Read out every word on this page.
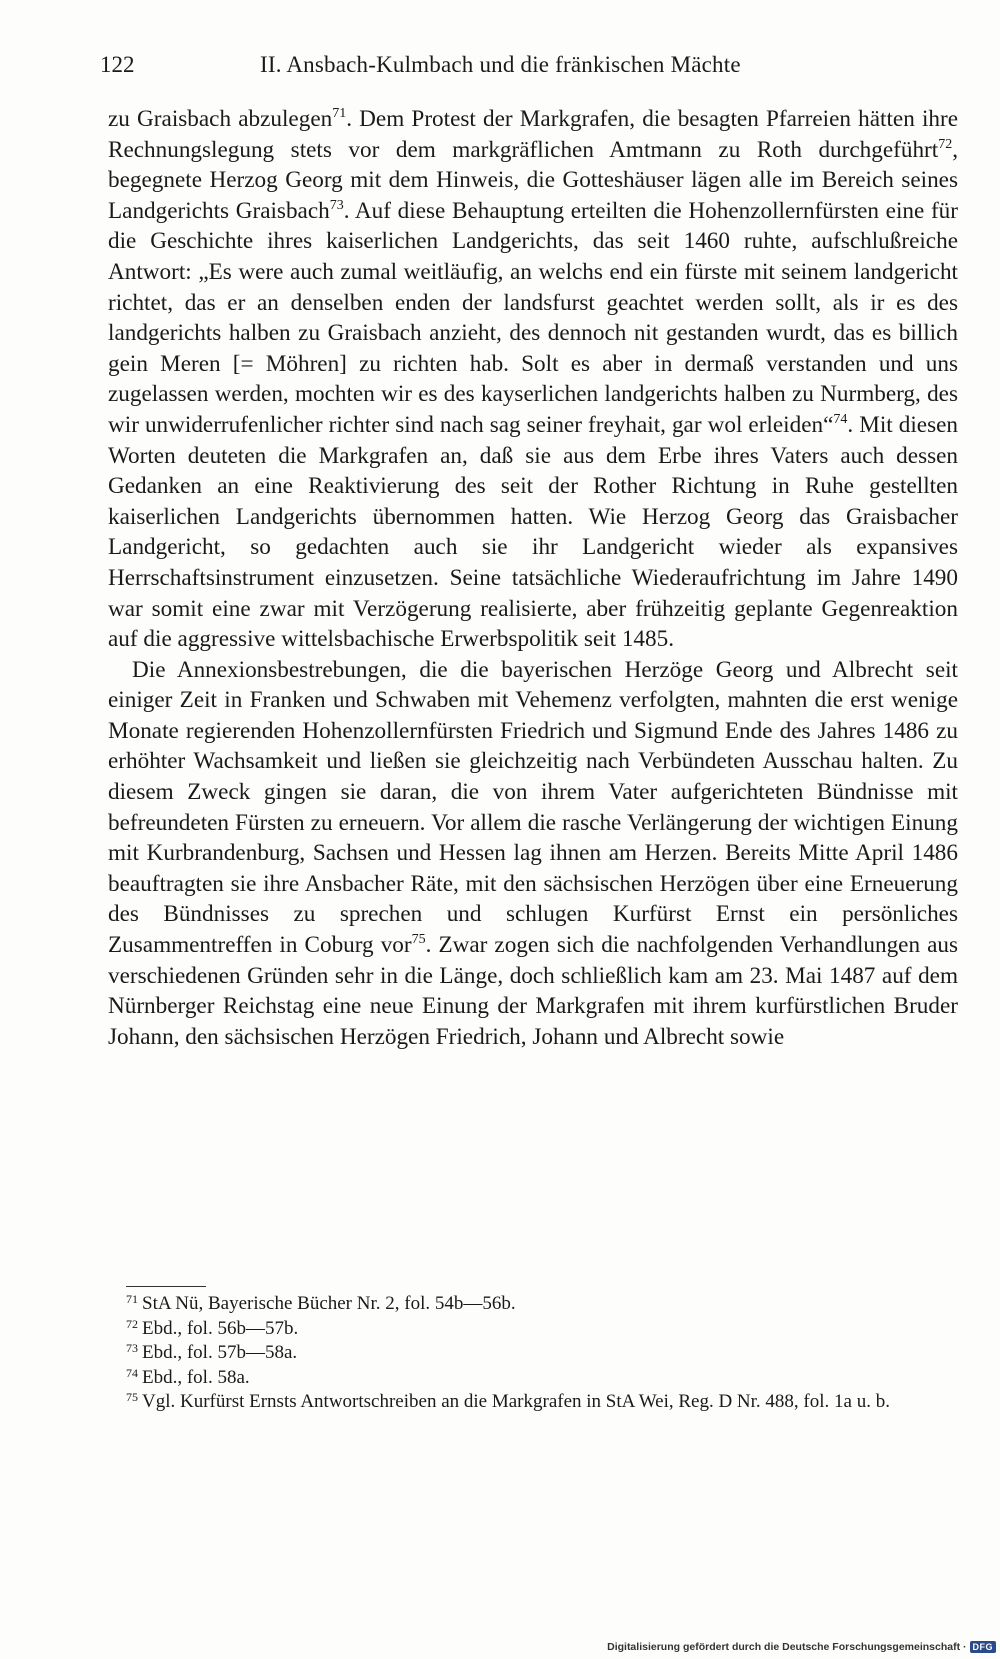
122	II. Ansbach-Kulmbach und die fränkischen Mächte

zu Graisbach abzulegen$^{71}$. Dem Protest der Markgrafen, die besagten Pfarreien hätten ihre Rechnungslegung stets vor dem markgräflichen Amtmann zu Roth durchgeführt$^{72}$, begegnete Herzog Georg mit dem Hinweis, die Gotteshäuser lägen alle im Bereich seines Landgerichts Graisbach$^{73}$. Auf diese Behauptung erteilten die Hohenzollernfürsten eine für die Geschichte ihres kaiserlichen Landgerichts, das seit 1460 ruhte, aufschlußreiche Antwort: „Es were auch zumal weitläufig, an welchs end ein fürste mit seinem landgericht richtet, das er an denselben enden der landsfurst geachtet werden sollt, als ir es des landgerichts halben zu Graisbach anzieht, des dennoch nit gestanden wurdt, das es billich gein Meren [= Möhren] zu richten hab. Solt es aber in dermaß verstanden und uns zugelassen werden, mochten wir es des kayserlichen landgerichts halben zu Nurmberg, des wir unwiderrufenlicher richter sind nach sag seiner freyhait, gar wol erleiden“$^{74}$. Mit diesen Worten deuteten die Markgrafen an, daß sie aus dem Erbe ihres Vaters auch dessen Gedanken an eine Reaktivierung des seit der Rother Richtung in Ruhe gestellten kaiserlichen Landgerichts übernommen hatten. Wie Herzog Georg das Graisbacher Landgericht, so gedachten auch sie ihr Landgericht wieder als expansives Herrschaftsinstrument einzusetzen. Seine tatsächliche Wiederaufrichtung im Jahre 1490 war somit eine zwar mit Verzögerung realisierte, aber frühzeitig geplante Gegenreaktion auf die aggressive wittelsbachische Erwerbspolitik seit 1485.

Die Annexionsbestrebungen, die die bayerischen Herzöge Georg und Albrecht seit einiger Zeit in Franken und Schwaben mit Vehemenz verfolgten, mahnten die erst wenige Monate regierenden Hohenzollernfürsten Friedrich und Sigmund Ende des Jahres 1486 zu erhöhter Wachsamkeit und ließen sie gleichzeitig nach Verbündeten Ausschau halten. Zu diesem Zweck gingen sie daran, die von ihrem Vater aufgerichteten Bündnisse mit befreundeten Fürsten zu erneuern. Vor allem die rasche Verlängerung der wichtigen Einung mit Kurbrandenburg, Sachsen und Hessen lag ihnen am Herzen. Bereits Mitte April 1486 beauftragten sie ihre Ansbacher Räte, mit den sächsischen Herzögen über eine Erneuerung des Bündnisses zu sprechen und schlugen Kurfürst Ernst ein persönliches Zusammentreffen in Coburg vor$^{75}$. Zwar zogen sich die nachfolgenden Verhandlungen aus verschiedenen Gründen sehr in die Länge, doch schließlich kam am 23. Mai 1487 auf dem Nürnberger Reichstag eine neue Einung der Markgrafen mit ihrem kurfürstlichen Bruder Johann, den sächsischen Herzögen Friedrich, Johann und Albrecht sowie

$^{71}$ StA Nü, Bayerische Bücher Nr. 2, fol. 54b—56b.

$^{72}$ Ebd., fol. 56b—57b.

$^{73}$ Ebd., fol. 57b—58a.

$^{74}$ Ebd., fol. 58a.

$^{75}$ Vgl. Kurfürst Ernsts Antwortschreiben an die Markgrafen in StA Wei, Reg. D Nr. 488, fol. 1a u. b.

Digitalisierung gefördert durch die Deutsche Forschungsgemeinschaft · DFG
